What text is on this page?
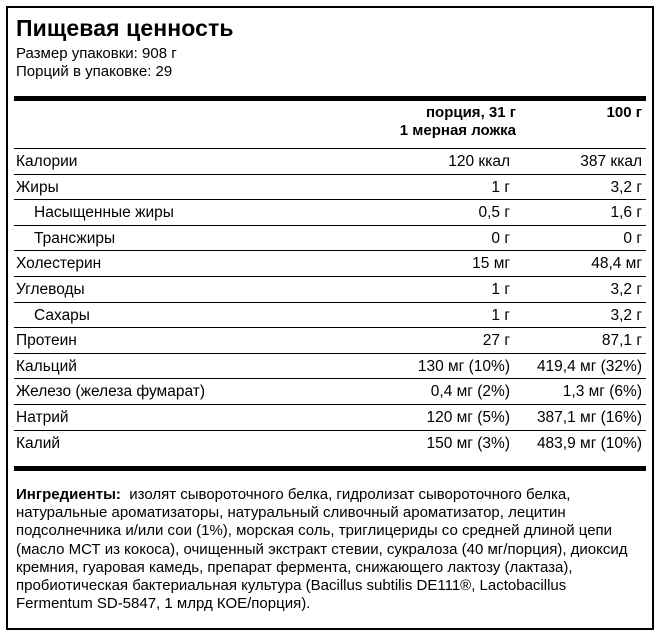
Пищевая ценность
Размер упаковки: 908 г
Порций в упаковке: 29
порция, 31 г
1 мерная ложка
100 г
Калории	120 ккал	387 ккал
Жиры	1 г	3,2 г
Насыщенные жиры	0,5 г	1,6 г
Трансжиры	0 г	0 г
Холестерин	15 мг	48,4 мг
Углеводы	1 г	3,2 г
Сахары	1 г	3,2 г
Протеин	27 г	87,1 г
Кальций	130 мг (10%) 419,4 мг (32%)
Железо (железа фумарат)	0,4 мг (2%)	1,3 мг (6%)
Натрий	120 мг (5%) 387,1 мг (16%)
Калий	150 мг (3%) 483,9 мг (10%)
Ингредиенты: изолят сывороточного белка, гидролизат сывороточного белка, натуральные ароматизаторы, натуральный сливочный ароматизатор, лецитин подсолнечника и/или сои (1%), морская соль, триглицериды со средней длиной цепи (масло МСТ из кокоса), очищенный экстракт стевии, сукралоза (40 мг/порция), диоксид кремния, гуаровая камедь, препарат фермента, снижающего лактозу (лактаза), пробиотическая бактериальная культура (Bacillus subtilis DE111®, Lactobacillus Fermentum SD-5847, 1 млрд КОЕ/порция).
